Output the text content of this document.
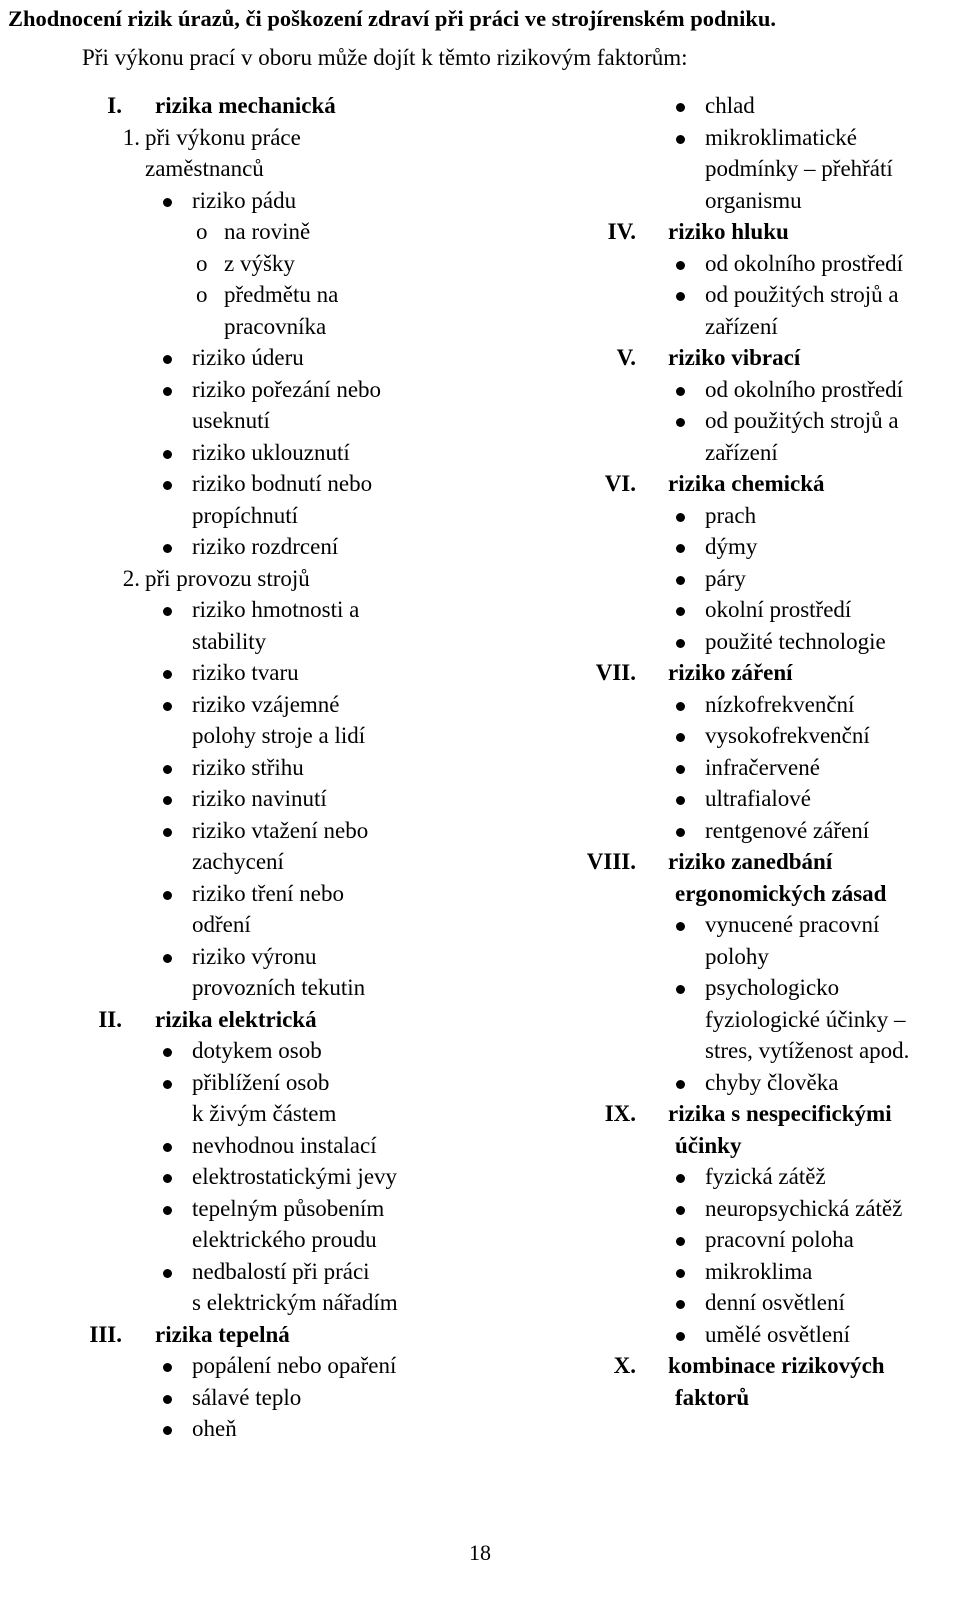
Zhodnocení rizik úrazů, či poškození zdraví při práci ve strojírenském podniku.
Při výkonu prací v oboru může dojít k těmto rizikovým faktorům:
I. rizika mechanická
1. při výkonu práce
zaměstnanců
riziko pádu
o na rovině
o z výšky
o předmětu na
pracovníka
riziko úderu
riziko pořezání nebo
useknutí
riziko uklouznutí
riziko bodnutí nebo
propíchnutí
riziko rozdrcení
2. při provozu strojů
riziko hmotnosti a
stability
riziko tvaru
riziko vzájemné
polohy stroje a lidí
riziko střihu
riziko navinutí
riziko vtažení nebo
zachycení
riziko tření nebo
odření
riziko výronu
provozních tekutin
II. rizika elektrická
dotykem osob
přiblížení osob
k živým částem
nevhodnou instalací
elektrostatickými jevy
tepelným působením
elektrického proudu
nedbalostí při práci
s elektrickým nářadím
III. rizika tepelná
popálení nebo opaření
sálavé teplo
oheň
chlad
mikroklimatické
podmínky – přehřátí
organismu
IV. riziko hluku
od okolního prostředí
od použitých strojů a
zařízení
V. riziko vibrací
od okolního prostředí
od použitých strojů a
zařízení
VI. rizika chemická
prach
dýmy
páry
okolní prostředí
použité technologie
VII. riziko záření
nízkofrekvenční
vysokofrekvenční
infračervené
ultrafialové
rentgenové záření
VIII. riziko zanedbání
ergonomických zásad
vynucené pracovní
polohy
psychologicko
fyziologické účinky –
stres, vytíženost apod.
chyby člověka
IX. rizika s nespecifickými
účinky
fyzická zátěž
neuropsychická zátěž
pracovní poloha
mikroklima
denní osvětlení
umělé osvětlení
X. kombinace rizikových
faktorů
18
